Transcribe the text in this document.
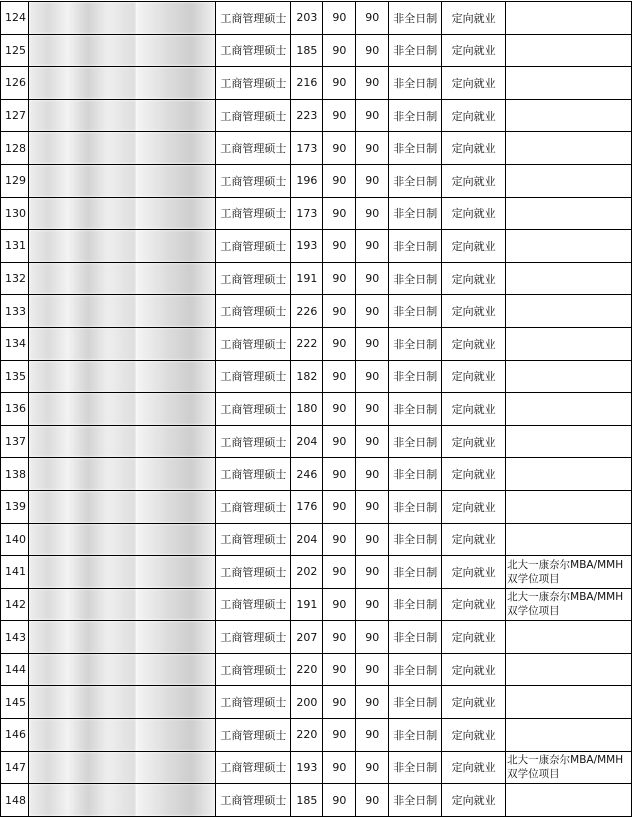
124			工商管理硕士	203	90	90	非全日制	定向就业	
125			工商管理硕士	185	90	90	非全日制	定向就业	
126			工商管理硕士	216	90	90	非全日制	定向就业	
127			工商管理硕士	223	90	90	非全日制	定向就业	
128			工商管理硕士	173	90	90	非全日制	定向就业	
129			工商管理硕士	196	90	90	非全日制	定向就业	
130			工商管理硕士	173	90	90	非全日制	定向就业	
131			工商管理硕士	193	90	90	非全日制	定向就业	
132			工商管理硕士	191	90	90	非全日制	定向就业	
133			工商管理硕士	226	90	90	非全日制	定向就业	
134			工商管理硕士	222	90	90	非全日制	定向就业	
135			工商管理硕士	182	90	90	非全日制	定向就业	
136			工商管理硕士	180	90	90	非全日制	定向就业	
137			工商管理硕士	204	90	90	非全日制	定向就业	
138			工商管理硕士	246	90	90	非全日制	定向就业	
139			工商管理硕士	176	90	90	非全日制	定向就业	
140			工商管理硕士	204	90	90	非全日制	定向就业	
141			工商管理硕士	202	90	90	非全日制	定向就业	北大一康奈尔MBA/MMH双学位项目
142			工商管理硕士	191	90	90	非全日制	定向就业	北大一康奈尔MBA/MMH双学位项目
143			工商管理硕士	207	90	90	非全日制	定向就业	
144			工商管理硕士	220	90	90	非全日制	定向就业	
145			工商管理硕士	200	90	90	非全日制	定向就业	
146			工商管理硕士	220	90	90	非全日制	定向就业	
147			工商管理硕士	193	90	90	非全日制	定向就业	北大一康奈尔MBA/MMH双学位项目
148			工商管理硕士	185	90	90	非全日制	定向就业	
